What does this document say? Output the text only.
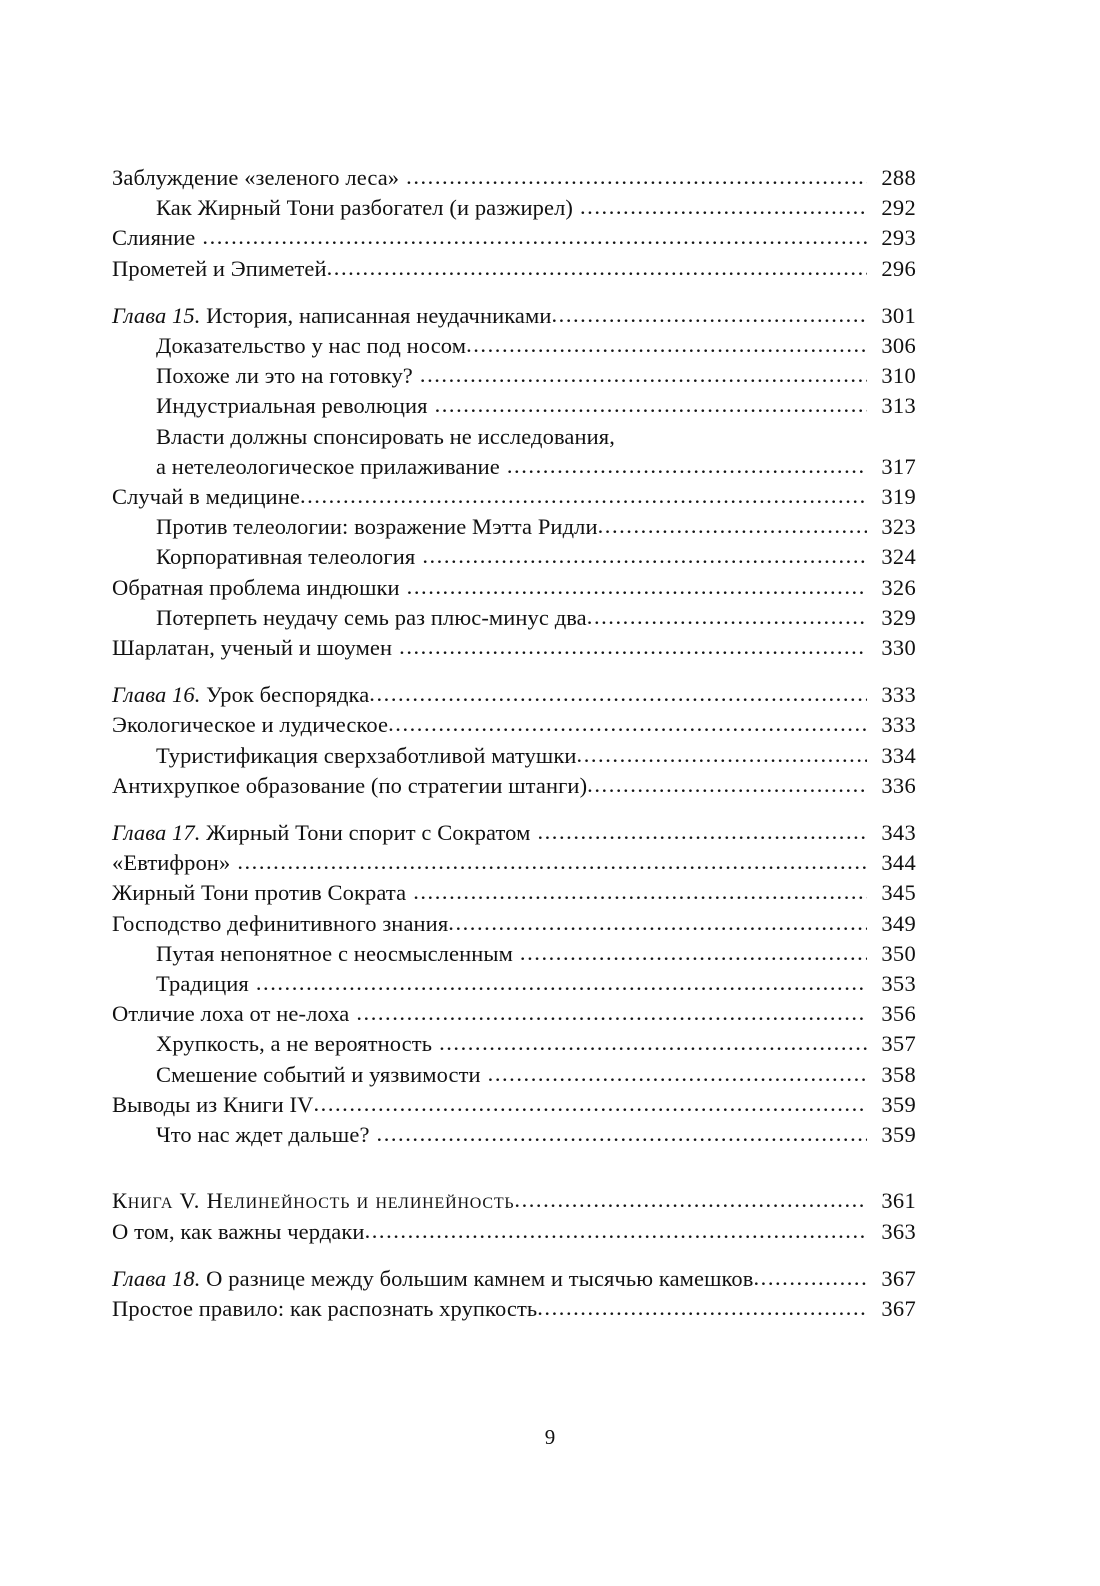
Заблуждение «зеленого леса» .....	288
Как Жирный Тони разбогател (и разжирел) .....	292
Слияние .....	293
Прометей и Эпиметей .....	296
Глава 15. История, написанная неудачниками .....	301
Доказательство у нас под носом .....	306
Похоже ли это на готовку? .....	310
Индустриальная революция .....	313
Власти должны спонсировать не исследования,
а нетелеологическое прилаживание .....	317
Случай в медицине .....	319
Против телеологии: возражение Мэтта Ридли .....	323
Корпоративная телеология .....	324
Обратная проблема индюшки .....	326
Потерпеть неудачу семь раз плюс-минус два .....	329
Шарлатан, ученый и шоумен .....	330
Глава 16. Урок беспорядка .....	333
Экологическое и лудическое .....	333
Туристификация сверхзаботливой матушки .....	334
Антихрупкое образование (по стратегии штанги) .....	336
Глава 17. Жирный Тони спорит с Сократом .....	343
«Евтифрон» .....	344
Жирный Тони против Сократа .....	345
Господство дефинитивного знания .....	349
Путая непонятное с неосмысленным .....	350
Традиция .....	353
Отличие лоха от не-лоха .....	356
Хрупкость, а не вероятность .....	357
Смешение событий и уязвимости .....	358
Выводы из Книги IV .....	359
Что нас ждет дальше? .....	359
Книга V. Нелинейность и нелинейность .....	361
О том, как важны чердаки .....	363
Глава 18. О разнице между большим камнем и тысячью камешков .....	367
Простое правило: как распознать хрупкость .....	367
9
